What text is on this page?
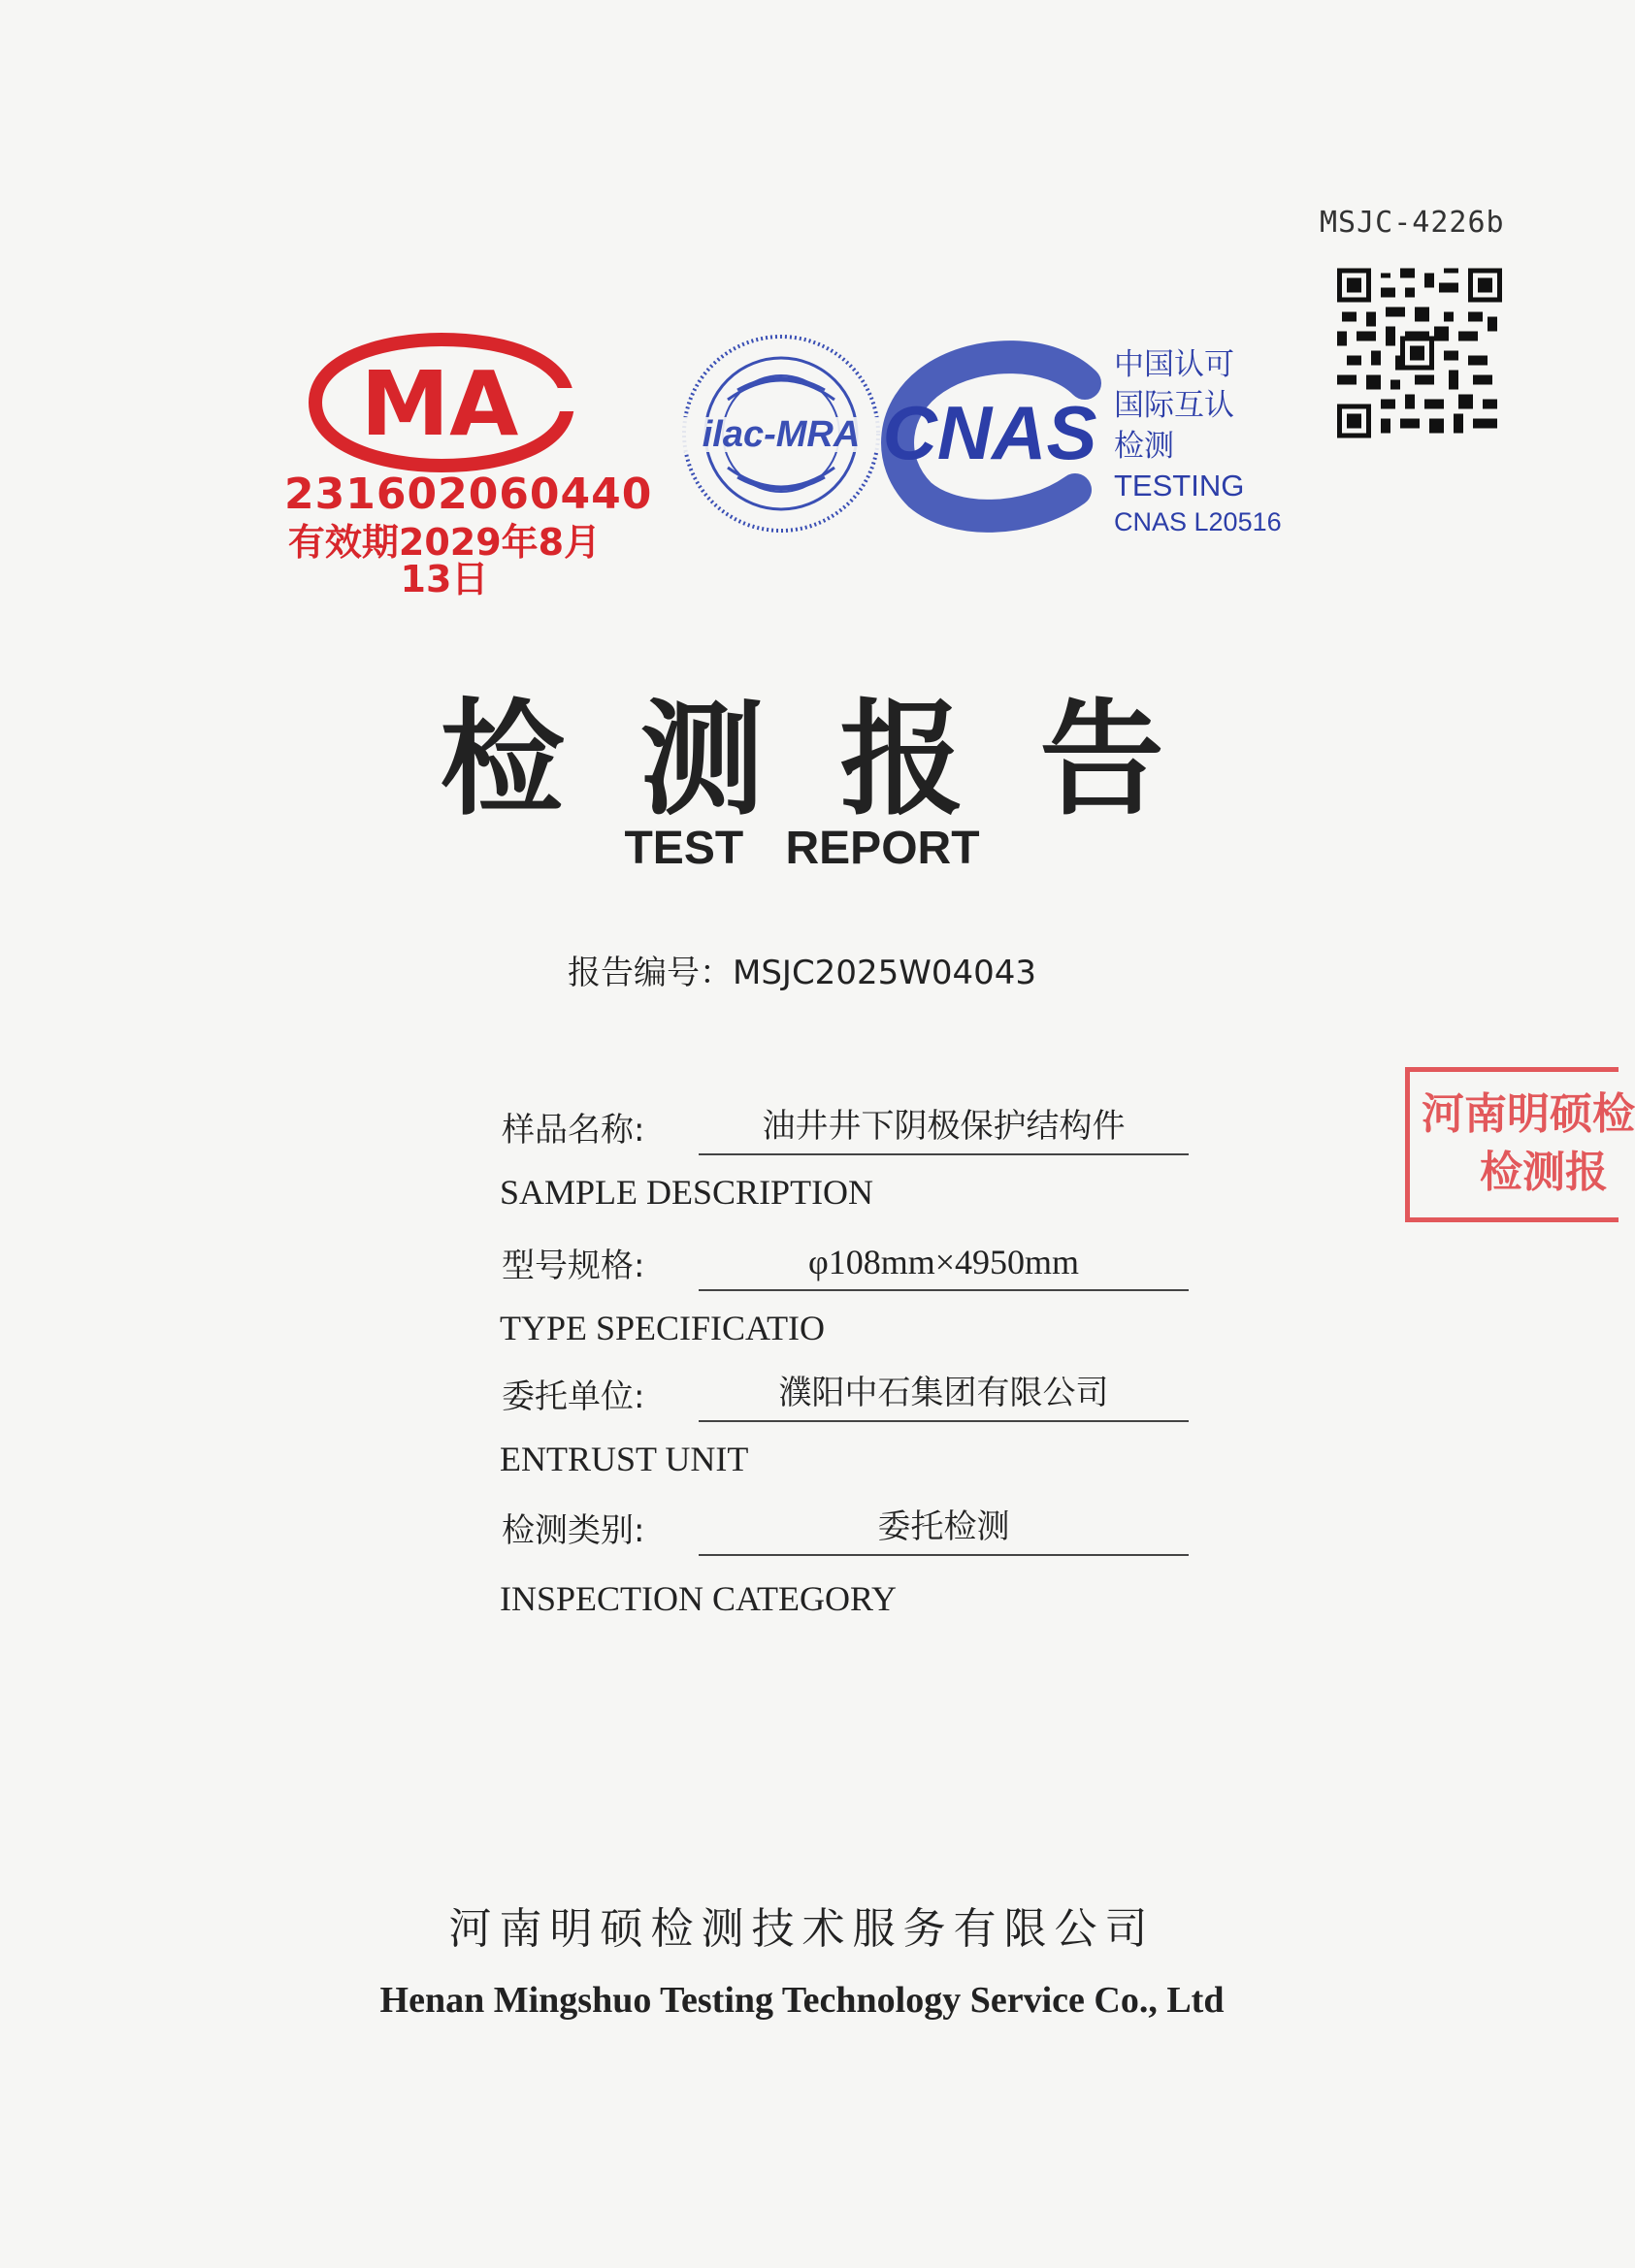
MSJC-4226b
MA
231602060440
有效期2029年8月13日
ilac-MRA CNAS
中国认可
国际互认
检测
TESTING
CNAS L20516
检测报告
TEST REPORT
报告编号：MSJC2025W04043
河南明硕检
检测报
样品名称:	油井井下阴极保护结构件
SAMPLE DESCRIPTION
型号规格:	φ108mm×4950mm
TYPE SPECIFICATIO
委托单位:	濮阳中石集团有限公司
ENTRUST UNIT
检测类别:	委托检测
INSPECTION CATEGORY
河南明硕检测技术服务有限公司
Henan Mingshuo Testing Technology Service Co., Ltd
